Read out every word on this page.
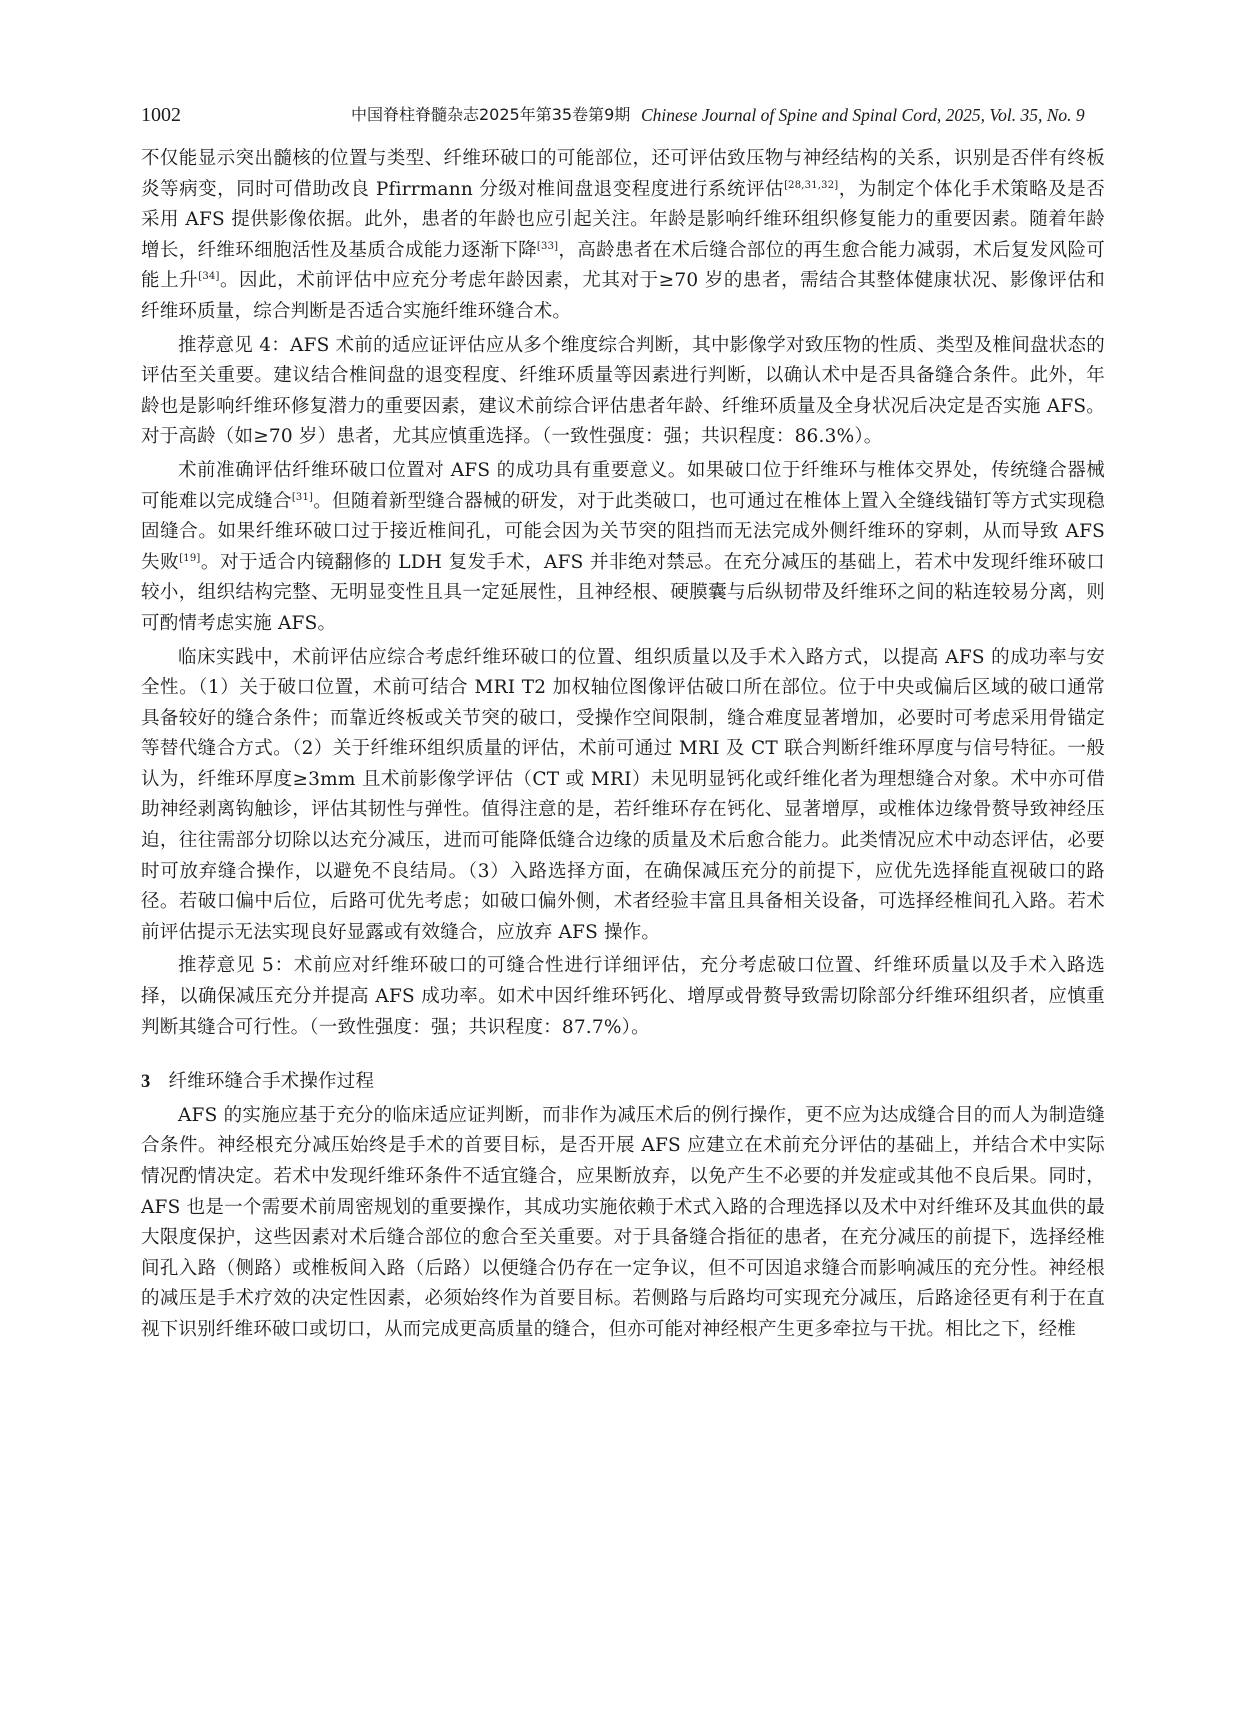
1002	中国脊柱脊髓杂志2025年第35卷第9期 Chinese Journal of Spine and Spinal Cord, 2025, Vol. 35, No. 9

不仅能显示突出髓核的位置与类型、纤维环破口的可能部位，还可评估致压物与神经结构的关系，识别是否伴有终板炎等病变，同时可借助改良 Pfirrmann 分级对椎间盘退变程度进行系统评估[28,31,32]，为制定个体化手术策略及是否采用 AFS 提供影像依据。此外，患者的年龄也应引起关注。年龄是影响纤维环组织修复能力的重要因素。随着年龄增长，纤维环细胞活性及基质合成能力逐渐下降[33]，高龄患者在术后缝合部位的再生愈合能力减弱，术后复发风险可能上升[34]。因此，术前评估中应充分考虑年龄因素，尤其对于≥70 岁的患者，需结合其整体健康状况、影像评估和纤维环质量，综合判断是否适合实施纤维环缝合术。

推荐意见 4：AFS 术前的适应证评估应从多个维度综合判断，其中影像学对致压物的性质、类型及椎间盘状态的评估至关重要。建议结合椎间盘的退变程度、纤维环质量等因素进行判断，以确认术中是否具备缝合条件。此外，年龄也是影响纤维环修复潜力的重要因素，建议术前综合评估患者年龄、纤维环质量及全身状况后决定是否实施 AFS。对于高龄（如≥70 岁）患者，尤其应慎重选择。（一致性强度：强；共识程度：86.3%）。

术前准确评估纤维环破口位置对 AFS 的成功具有重要意义。如果破口位于纤维环与椎体交界处，传统缝合器械可能难以完成缝合[31]。但随着新型缝合器械的研发，对于此类破口，也可通过在椎体上置入全缝线锚钉等方式实现稳固缝合。如果纤维环破口过于接近椎间孔，可能会因为关节突的阻挡而无法完成外侧纤维环的穿刺，从而导致 AFS 失败[19]。对于适合内镜翻修的 LDH 复发手术，AFS 并非绝对禁忌。在充分减压的基础上，若术中发现纤维环破口较小，组织结构完整、无明显变性且具一定延展性，且神经根、硬膜囊与后纵韧带及纤维环之间的粘连较易分离，则可酌情考虑实施 AFS。

临床实践中，术前评估应综合考虑纤维环破口的位置、组织质量以及手术入路方式，以提高 AFS 的成功率与安全性。（1）关于破口位置，术前可结合 MRI T2 加权轴位图像评估破口所在部位。位于中央或偏后区域的破口通常具备较好的缝合条件；而靠近终板或关节突的破口，受操作空间限制，缝合难度显著增加，必要时可考虑采用骨锚定等替代缝合方式。（2）关于纤维环组织质量的评估，术前可通过 MRI 及 CT 联合判断纤维环厚度与信号特征。一般认为，纤维环厚度≥3mm 且术前影像学评估（CT 或 MRI）未见明显钙化或纤维化者为理想缝合对象。术中亦可借助神经剥离钩触诊，评估其韧性与弹性。值得注意的是，若纤维环存在钙化、显著增厚，或椎体边缘骨赘导致神经压迫，往往需部分切除以达充分减压，进而可能降低缝合边缘的质量及术后愈合能力。此类情况应术中动态评估，必要时可放弃缝合操作，以避免不良结局。（3）入路选择方面，在确保减压充分的前提下，应优先选择能直视破口的路径。若破口偏中后位，后路可优先考虑；如破口偏外侧，术者经验丰富且具备相关设备，可选择经椎间孔入路。若术前评估提示无法实现良好显露或有效缝合，应放弃 AFS 操作。

推荐意见 5：术前应对纤维环破口的可缝合性进行详细评估，充分考虑破口位置、纤维环质量以及手术入路选择，以确保减压充分并提高 AFS 成功率。如术中因纤维环钙化、增厚或骨赘导致需切除部分纤维环组织者，应慎重判断其缝合可行性。（一致性强度：强；共识程度：87.7%）。

3 纤维环缝合手术操作过程

AFS 的实施应基于充分的临床适应证判断，而非作为减压术后的例行操作，更不应为达成缝合目的而人为制造缝合条件。神经根充分减压始终是手术的首要目标，是否开展 AFS 应建立在术前充分评估的基础上，并结合术中实际情况酌情决定。若术中发现纤维环条件不适宜缝合，应果断放弃，以免产生不必要的并发症或其他不良后果。同时，AFS 也是一个需要术前周密规划的重要操作，其成功实施依赖于术式入路的合理选择以及术中对纤维环及其血供的最大限度保护，这些因素对术后缝合部位的愈合至关重要。对于具备缝合指征的患者，在充分减压的前提下，选择经椎间孔入路（侧路）或椎板间入路（后路）以便缝合仍存在一定争议，但不可因追求缝合而影响减压的充分性。神经根的减压是手术疗效的决定性因素，必须始终作为首要目标。若侧路与后路均可实现充分减压，后路途径更有利于在直视下识别纤维环破口或切口，从而完成更高质量的缝合，但亦可能对神经根产生更多牵拉与干扰。相比之下，经椎
